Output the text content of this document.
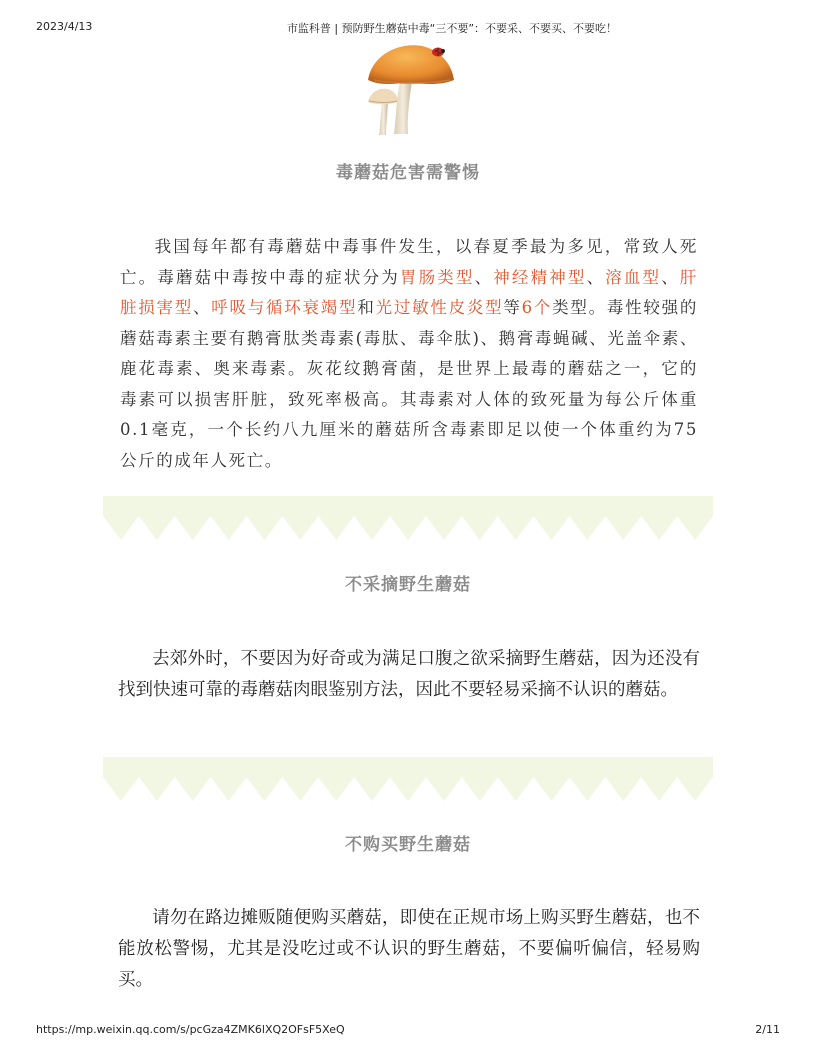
2023/4/13	市监科普 | 预防野生蘑菇中毒“三不要”：不要采、不要买、不要吃！
毒蘑菇危害需警惕

我国每年都有毒蘑菇中毒事件发生，以春夏季最为多见，常致人死亡。毒蘑菇中毒按中毒的症状分为胃肠类型、神经精神型、溶血型、肝脏损害型、呼吸与循环衰竭型和光过敏性皮炎型等6个类型。毒性较强的蘑菇毒素主要有鹅膏肽类毒素(毒肽、毒伞肽)、鹅膏毒蝇碱、光盖伞素、鹿花毒素、奥来毒素。灰花纹鹅膏菌，是世界上最毒的蘑菇之一，它的毒素可以损害肝脏，致死率极高。其毒素对人体的致死量为每公斤体重0.1毫克，一个长约八九厘米的蘑菇所含毒素即足以使一个体重约为75公斤的成年人死亡。

不采摘野生蘑菇

去郊外时，不要因为好奇或为满足口腹之欲采摘野生蘑菇，因为还没有找到快速可靠的毒蘑菇肉眼鉴别方法，因此不要轻易采摘不认识的蘑菇。

不购买野生蘑菇

请勿在路边摊贩随便购买蘑菇，即使在正规市场上购买野生蘑菇，也不能放松警惕，尤其是没吃过或不认识的野生蘑菇，不要偏听偏信，轻易购买。

https://mp.weixin.qq.com/s/pcGza4ZMK6lXQ2OFsF5XeQ	2/11
